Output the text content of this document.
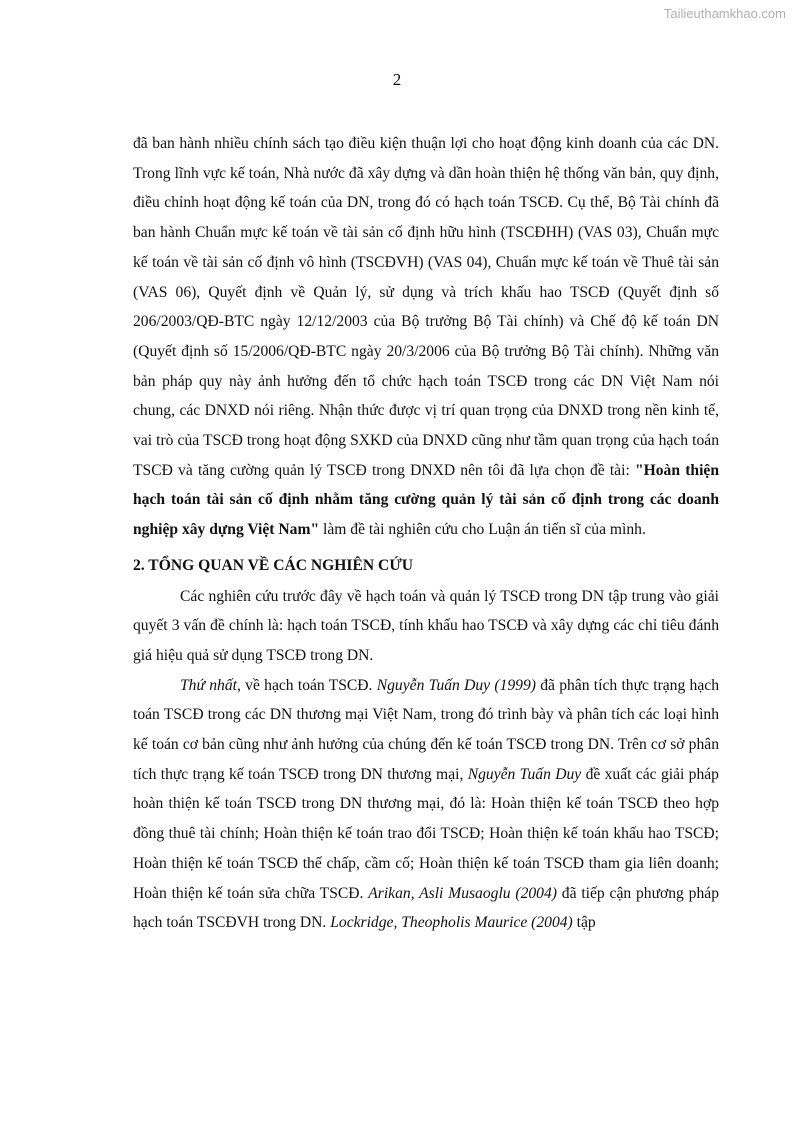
Tailieuthamkhao.com
2

đã ban hành nhiều chính sách tạo điều kiện thuận lợi cho hoạt động kinh doanh của các DN. Trong lĩnh vực kế toán, Nhà nước đã xây dựng và dần hoàn thiện hệ thống văn bản, quy định, điều chỉnh hoạt động kế toán của DN, trong đó có hạch toán TSCĐ. Cụ thể, Bộ Tài chính đã ban hành Chuẩn mực kế toán về tài sản cố định hữu hình (TSCĐHH) (VAS 03), Chuẩn mực kế toán về tài sản cố định vô hình (TSCĐVH) (VAS 04), Chuẩn mực kế toán về Thuê tài sản (VAS 06), Quyết định về Quản lý, sử dụng và trích khấu hao TSCĐ (Quyết định số 206/2003/QĐ-BTC ngày 12/12/2003 của Bộ trưởng Bộ Tài chính) và Chế độ kế toán DN (Quyết định số 15/2006/QĐ-BTC ngày 20/3/2006 của Bộ trưởng Bộ Tài chính). Những văn bản pháp quy này ảnh hưởng đến tổ chức hạch toán TSCĐ trong các DN Việt Nam nói chung, các DNXD nói riêng. Nhận thức được vị trí quan trọng của DNXD trong nền kinh tế, vai trò của TSCĐ trong hoạt động SXKD của DNXD cũng như tầm quan trọng của hạch toán TSCĐ và tăng cường quản lý TSCĐ trong DNXD nên tôi đã lựa chọn đề tài: "Hoàn thiện hạch toán tài sản cố định nhằm tăng cường quản lý tài sản cố định trong các doanh nghiệp xây dựng Việt Nam" làm đề tài nghiên cứu cho Luận án tiến sĩ của mình.

2. TỔNG QUAN VỀ CÁC NGHIÊN CỨU

Các nghiên cứu trước đây về hạch toán và quản lý TSCĐ trong DN tập trung vào giải quyết 3 vấn đề chính là: hạch toán TSCĐ, tính khấu hao TSCĐ và xây dựng các chỉ tiêu đánh giá hiệu quả sử dụng TSCĐ trong DN.

Thứ nhất, về hạch toán TSCĐ. Nguyễn Tuấn Duy (1999) đã phân tích thực trạng hạch toán TSCĐ trong các DN thương mại Việt Nam, trong đó trình bày và phân tích các loại hình kế toán cơ bản cũng như ảnh hưởng của chúng đến kế toán TSCĐ trong DN. Trên cơ sở phân tích thực trạng kế toán TSCĐ trong DN thương mại, Nguyễn Tuấn Duy đề xuất các giải pháp hoàn thiện kế toán TSCĐ trong DN thương mại, đó là: Hoàn thiện kế toán TSCĐ theo hợp đồng thuê tài chính; Hoàn thiện kế toán trao đổi TSCĐ; Hoàn thiện kế toán khấu hao TSCĐ; Hoàn thiện kế toán TSCĐ thế chấp, cầm cố; Hoàn thiện kế toán TSCĐ tham gia liên doanh; Hoàn thiện kế toán sửa chữa TSCĐ. Arikan, Asli Musaoglu (2004) đã tiếp cận phương pháp hạch toán TSCĐVH trong DN. Lockridge, Theopholis Maurice (2004) tập
